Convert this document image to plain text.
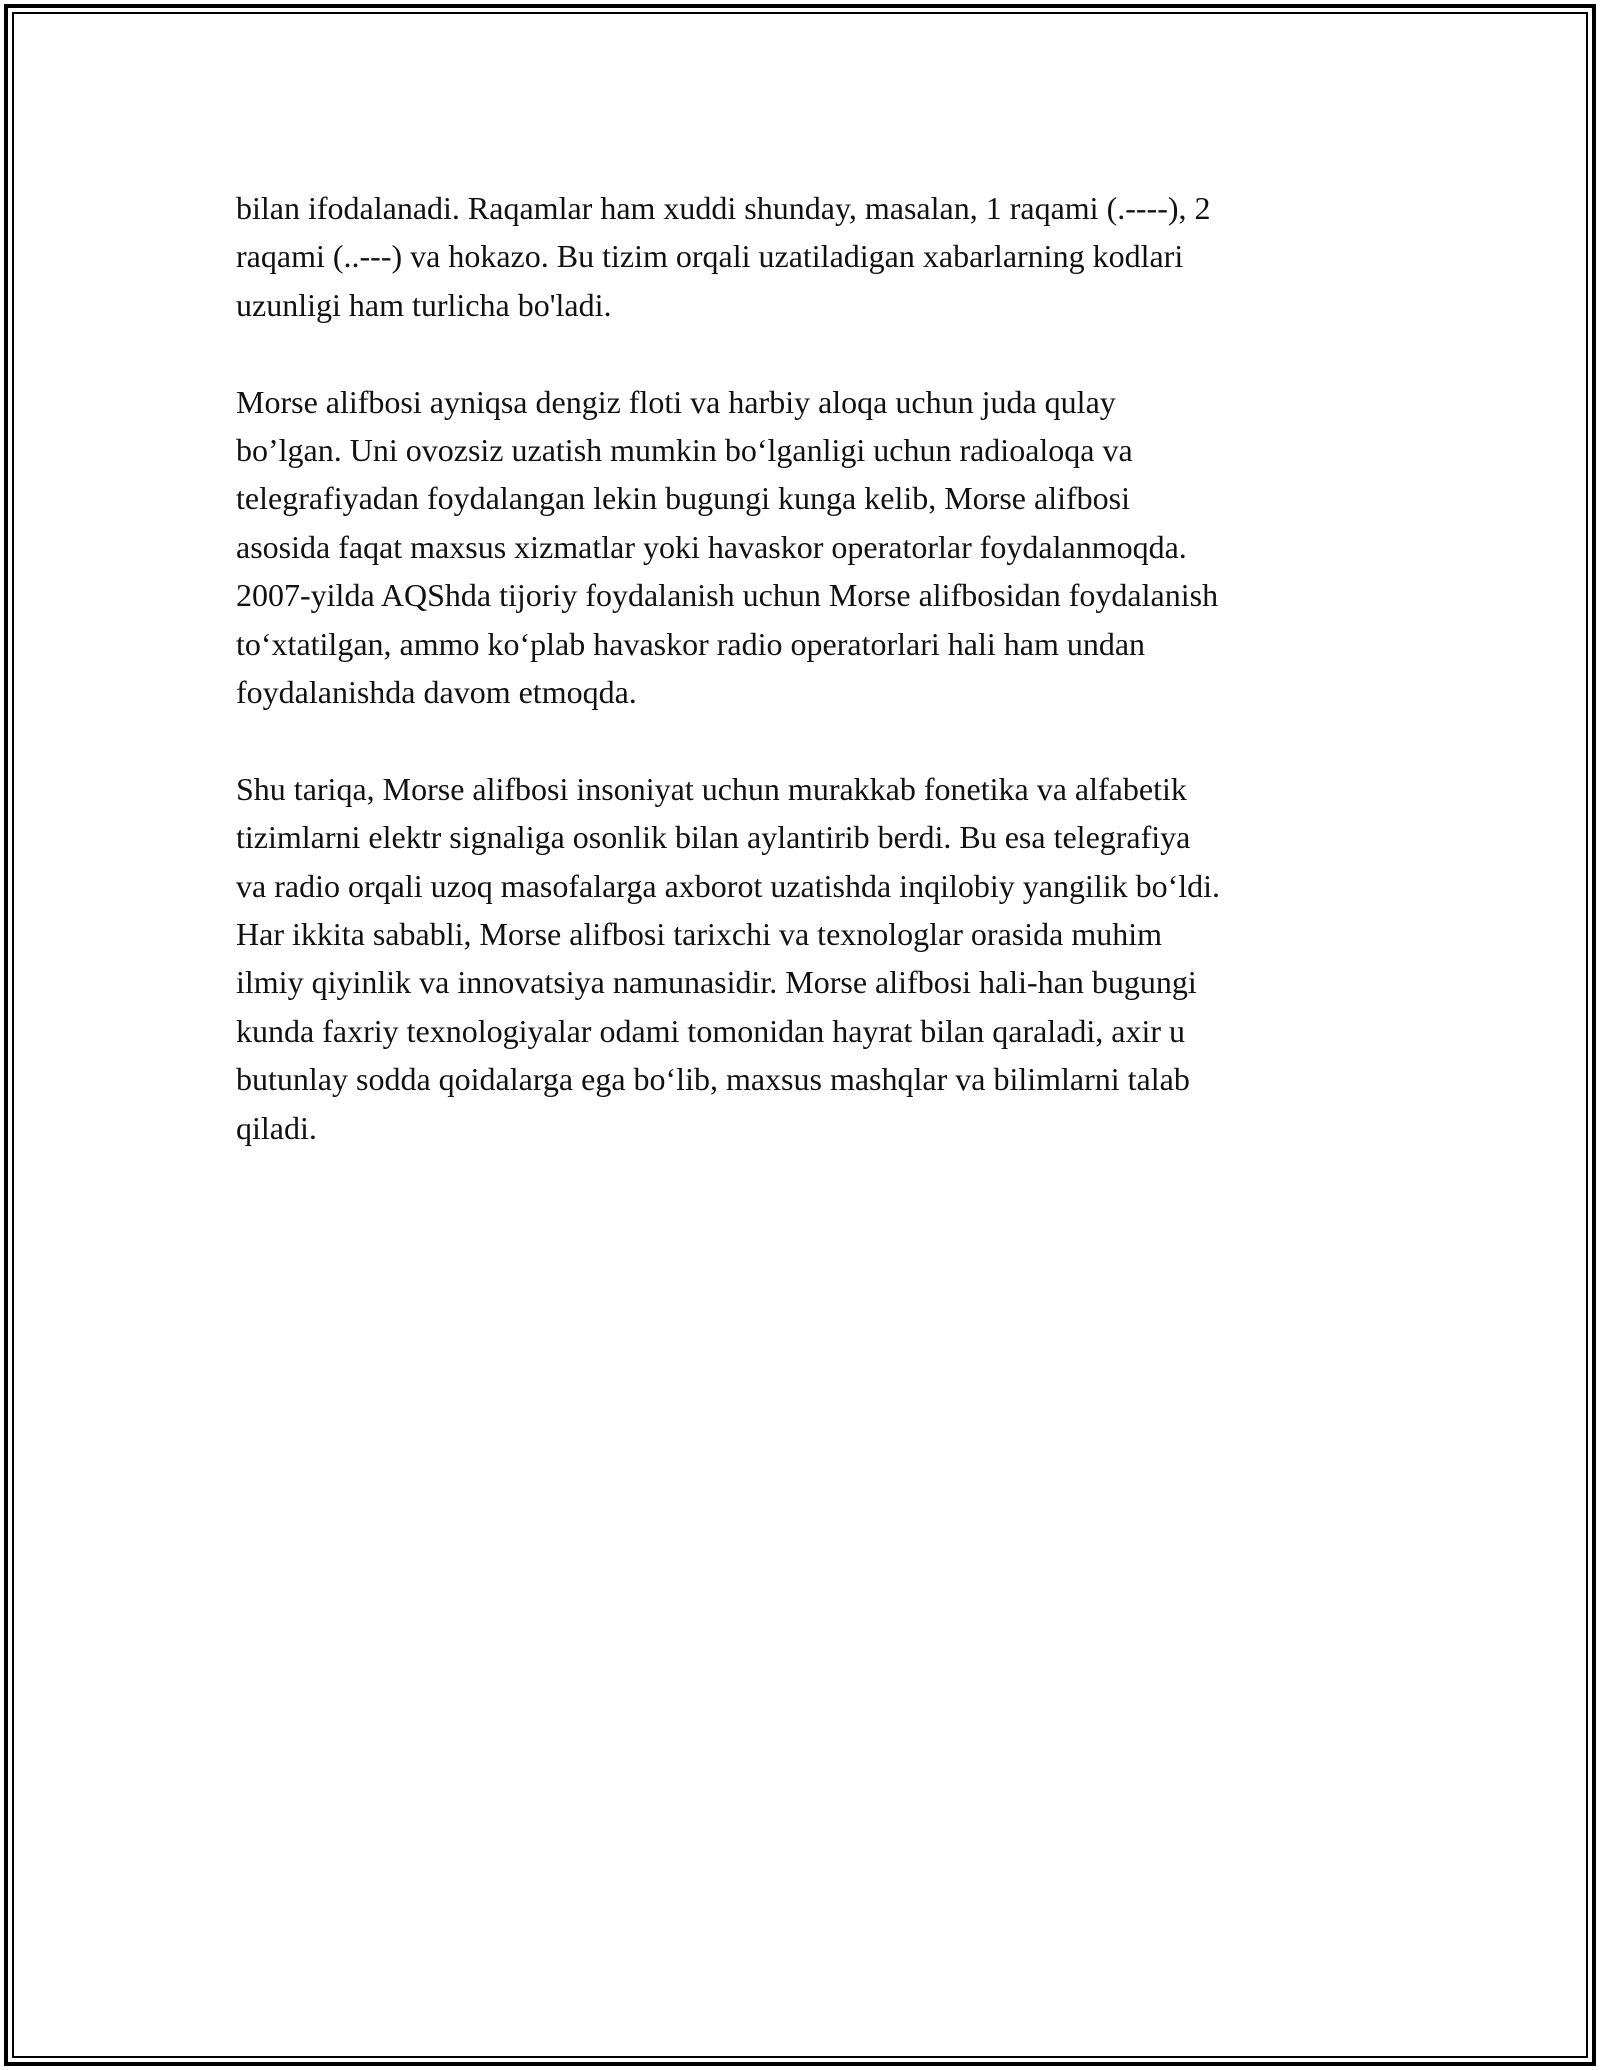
bilan ifodalanadi. Raqamlar ham xuddi shunday, masalan, 1 raqami (.----), 2
raqami (..---) va hokazo. Bu tizim orqali uzatiladigan xabarlarning kodlari
uzunligi ham turlicha bo'ladi.

Morse alifbosi ayniqsa dengiz floti va harbiy aloqa uchun juda qulay
bo’lgan. Uni ovozsiz uzatish mumkin bo‘lganligi uchun radioaloqa va
telegrafiyadan foydalangan lekin bugungi kunga kelib, Morse alifbosi
asosida faqat maxsus xizmatlar yoki havaskor operatorlar foydalanmoqda.
2007-yilda AQShda tijoriy foydalanish uchun Morse alifbosidan foydalanish
to‘xtatilgan, ammo ko‘plab havaskor radio operatorlari hali ham undan
foydalanishda davom etmoqda.

Shu tariqa, Morse alifbosi insoniyat uchun murakkab fonetika va alfabetik
tizimlarni elektr signaliga osonlik bilan aylantirib berdi. Bu esa telegrafiya
va radio orqali uzoq masofalarga axborot uzatishda inqilobiy yangilik bo‘ldi.
Har ikkita sababli, Morse alifbosi tarixchi va texnologlar orasida muhim
ilmiy qiyinlik va innovatsiya namunasidir. Morse alifbosi hali-han bugungi
kunda faxriy texnologiyalar odami tomonidan hayrat bilan qaraladi, axir u
butunlay sodda qoidalarga ega bo‘lib, maxsus mashqlar va bilimlarni talab
qiladi.
